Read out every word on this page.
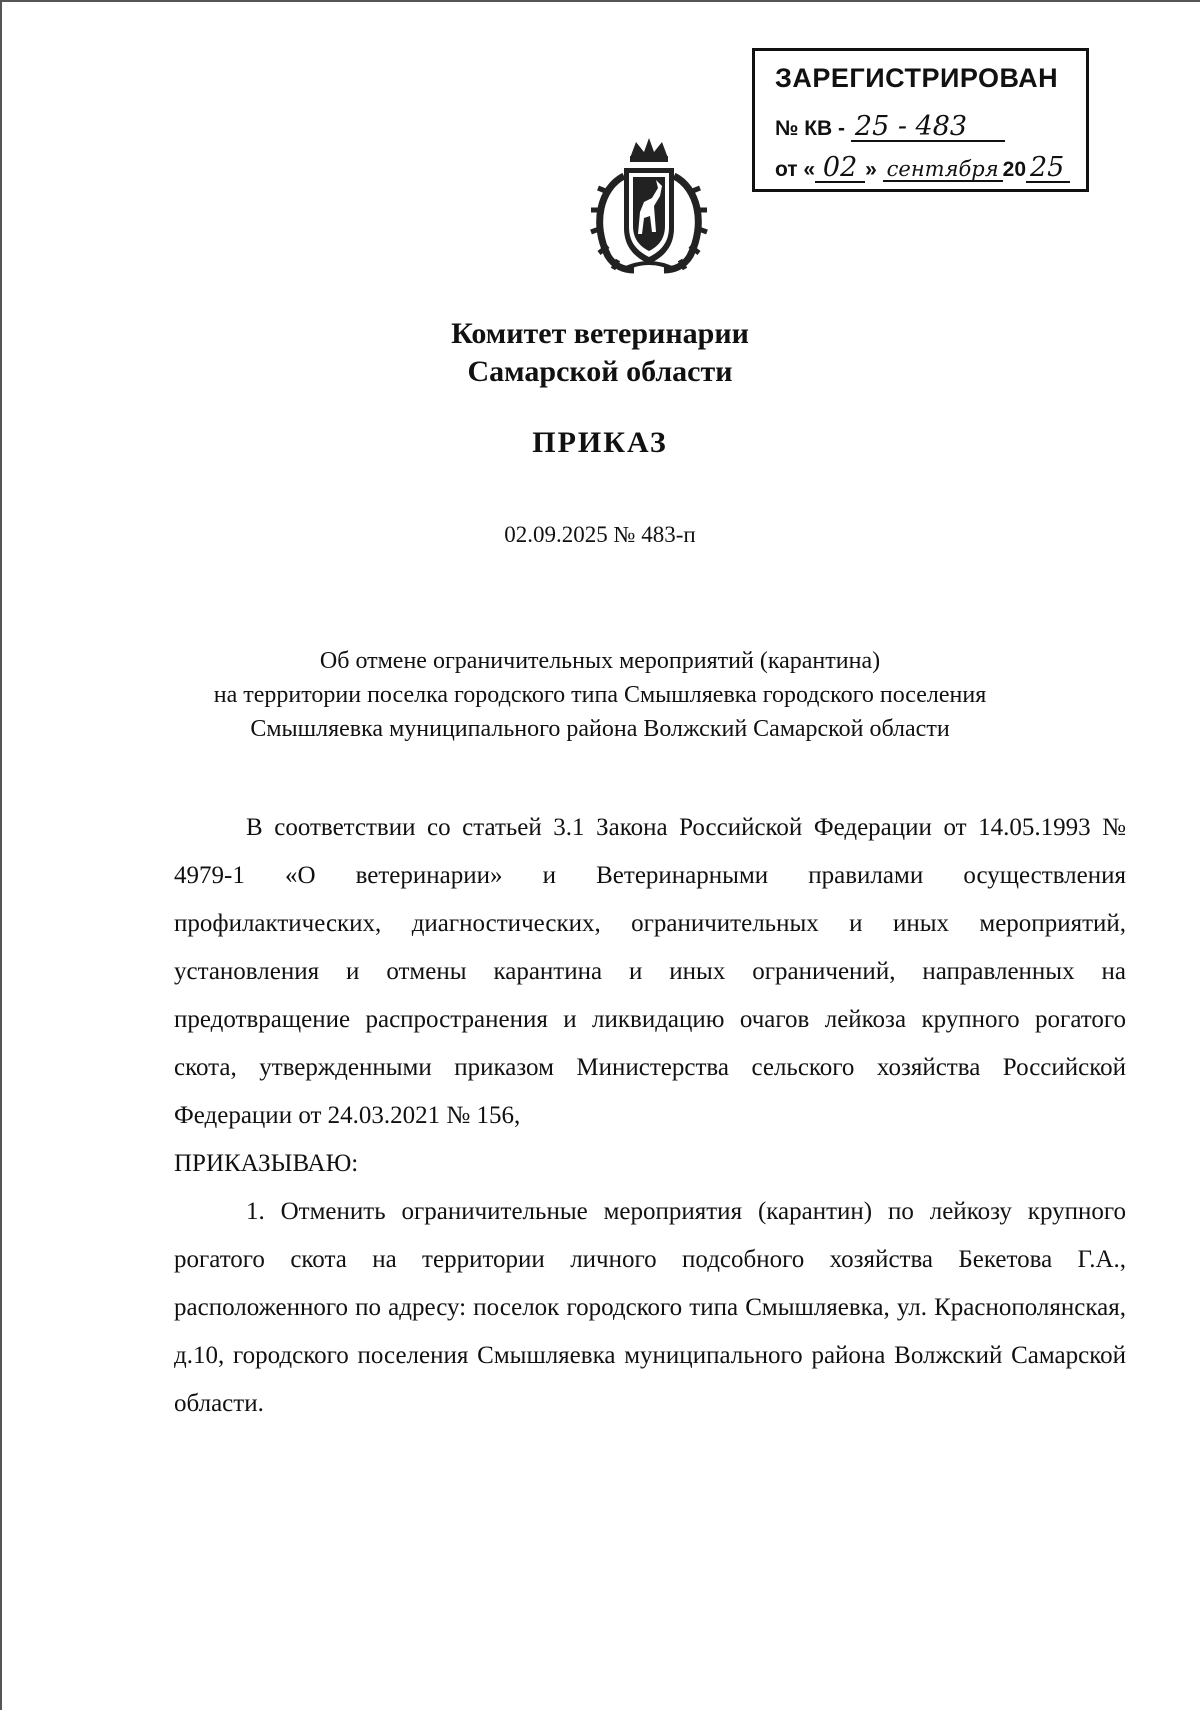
ЗАРЕГИСТРИРОВАН
№ КВ - 25 - 483
от « 02 » сентября 20 25
Комитет ветеринарии
Самарской области
ПРИКАЗ
02.09.2025 № 483-п
Об отмене ограничительных мероприятий (карантина)
на территории поселка городского типа Смышляевка городского поселения
Смышляевка муниципального района Волжский Самарской области

В соответствии со статьей 3.1 Закона Российской Федерации от 14.05.1993 № 4979-1 «О ветеринарии» и Ветеринарными правилами осуществления профилактических, диагностических, ограничительных и иных мероприятий, установления и отмены карантина и иных ограничений, направленных на предотвращение распространения и ликвидацию очагов лейкоза крупного рогатого скота, утвержденными приказом Министерства сельского хозяйства Российской Федерации от 24.03.2021 № 156,

ПРИКАЗЫВАЮ:

1. Отменить ограничительные мероприятия (карантин) по лейкозу крупного рогатого скота на территории личного подсобного хозяйства Бекетова Г.А., расположенного по адресу: поселок городского типа Смышляевка, ул. Краснополянская, д.10, городского поселения Смышляевка муниципального района Волжский Самарской области.
